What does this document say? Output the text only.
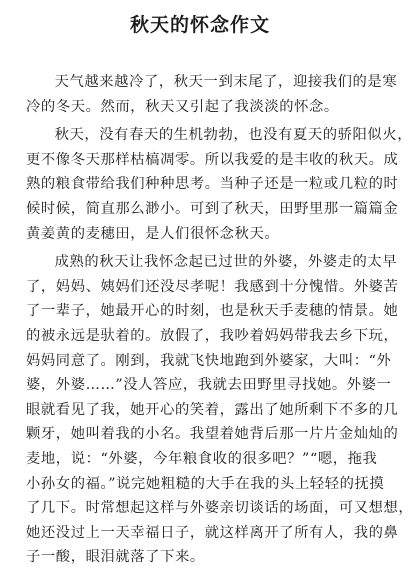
秋天的怀念作文

天气越来越冷了，秋天一到末尾了，迎接我们的是寒
冷的冬天。然而，秋天又引起了我淡淡的怀念。

秋天，没有春天的生机勃勃，也没有夏天的骄阳似火，
更不像冬天那样枯槁凋零。所以我爱的是丰收的秋天。成
熟的粮食带给我们种种思考。当种子还是一粒或几粒的时
候时候，简直那么渺小。可到了秋天，田野里那一篇篇金
黄姜黄的麦穗田，是人们很怀念秋天。

成熟的秋天让我怀念起已过世的外婆，外婆走的太早
了，妈妈、姨妈们还没尽孝呢！我感到十分愧惜。外婆苦
了一辈子，她最开心的时刻，也是秋天手麦穗的情景。她
的被永远是驮着的。放假了，我吵着妈妈带我去乡下玩，
妈妈同意了。刚到，我就飞快地跑到外婆家，大叫：“外
婆，外婆……”没人答应，我就去田野里寻找她。外婆一
眼就看见了我，她开心的笑着，露出了她所剩下不多的几
颗牙，她叫着我的小名。我望着她背后那一片片金灿灿的
麦地，说：“外婆，今年粮食收的很多吧？”“嗯，拖我
小孙女的福。”说完她粗糙的大手在我的头上轻轻的抚摸
了几下。时常想起这样与外婆亲切谈话的场面，可又想想，
她还没过上一天幸福日子，就这样离开了所有人，我的鼻
子一酸，眼泪就落了下来。
